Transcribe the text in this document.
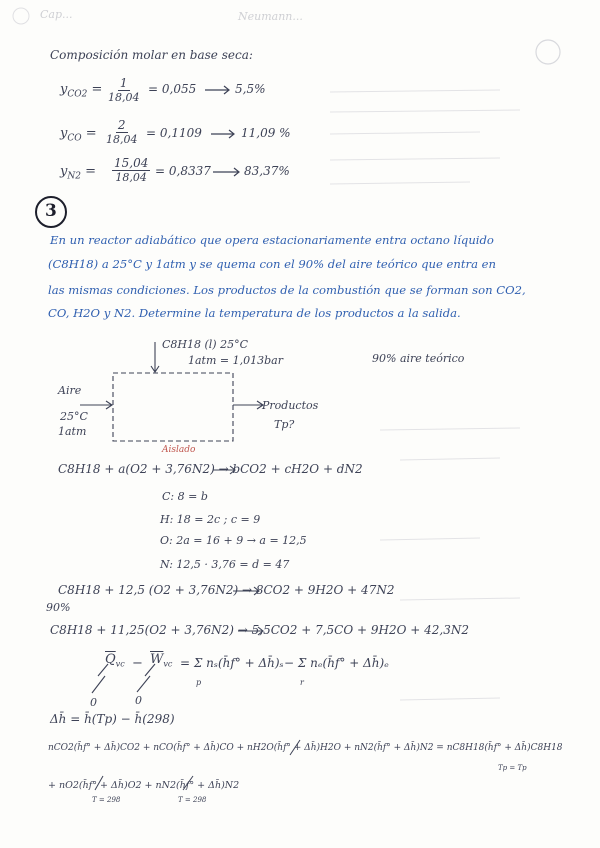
Cap...	Neumann...
Composición molar en base seca:
$y_{CO2} = \frac{1}{18,04} = 0,055$	5,5%
$y_{CO} = \frac{2}{18,04} = 0,1109$	11,09 %
$y_{N2} = \frac{15,04}{18,04} = 0,8337$	83,37%
3
En un reactor adiabático que opera estacionariamente entra octano líquido
(C8H18) a 25°C y 1atm y se quema con el 90% del aire teórico que entra en
las mismas condiciones. Los productos de la combustión que se forman son CO2,
CO, H2O y N2. Determine la temperatura de los productos a la salida.
C8H18 (l) 25°C
1atm = 1,013bar
Aire
25°C
1atm
Productos
Tp?
Aislado
90% aire teórico
C8H18 + a(O2 + 3,76N2) → bCO2 + cH2O + dN2
C: 8 = b
H: 18 = 2c ; c = 9
O: 2a = 16 + 9 → a = 12,5
N: 12,5 · 3,76 = d = 47
C8H18 + 12,5 (O2 + 3,76N2) → 8CO2 + 9H2O + 47N2
90%
C8H18 + 11,25(O2 + 3,76N2) → 5,5CO2 + 7,5CO + 9H2O + 42,3N2
$\overline{Q}_{vc} - \overline{W}_{vc} = \Sigma$ nₛ(h̄f° + Δh̄)ₛ − Σ nₑ(h̄f° + Δh̄)ₑ
p	r
0	0
Δh̄ = h̄(Tp) − h̄(298)
nCO2(h̄f° + Δh̄)CO2 + nCO(h̄f° + Δh̄)CO + nH2O(h̄f° + Δh̄)H2O + nN2(h̄f° + Δh̄)N2 = nC8H18(h̄f° + Δh̄)C8H18
+ nO2(h̄f° + Δh̄)O2 + nN2(h̄f° + Δh̄)N2
Tp = Tp
T = 298	T = 298
